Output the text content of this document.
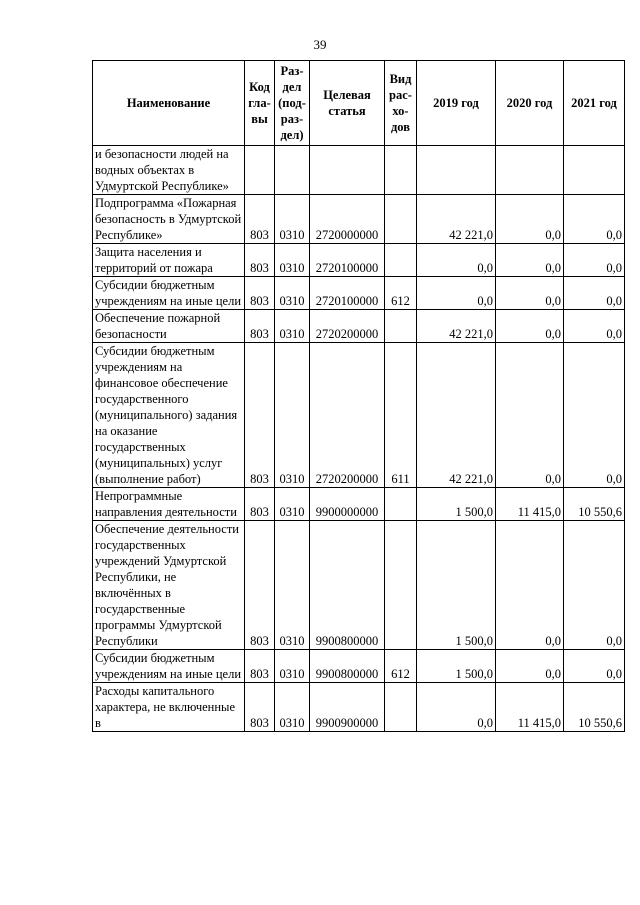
39
Наименование	Код гла-вы	Раз-дел (под-раз-дел)	Целевая статья	Вид рас-хо-дов	2019 год	2020 год	2021 год
и безопасности людей на водных объектах в Удмуртской Республике»							
Подпрограмма «Пожарная безопасность в Удмуртской Республике»	803	0310	2720000000		42 221,0	0,0	0,0
Защита населения и территорий от пожара	803	0310	2720100000		0,0	0,0	0,0
Субсидии бюджетным учреждениям на иные цели	803	0310	2720100000	612	0,0	0,0	0,0
Обеспечение пожарной безопасности	803	0310	2720200000		42 221,0	0,0	0,0
Субсидии бюджетным учреждениям на финансовое обеспечение государственного (муниципального) задания на оказание государственных (муниципальных) услуг (выполнение работ)	803	0310	2720200000	611	42 221,0	0,0	0,0
Непрограммные направления деятельности	803	0310	9900000000		1 500,0	11 415,0	10 550,6
Обеспечение деятельности государственных учреждений Удмуртской Республики, не включённых в государственные программы Удмуртской Республики	803	0310	9900800000		1 500,0	0,0	0,0
Субсидии бюджетным учреждениям на иные цели	803	0310	9900800000	612	1 500,0	0,0	0,0
Расходы капитального характера, не включенные в	803	0310	9900900000		0,0	11 415,0	10 550,6
